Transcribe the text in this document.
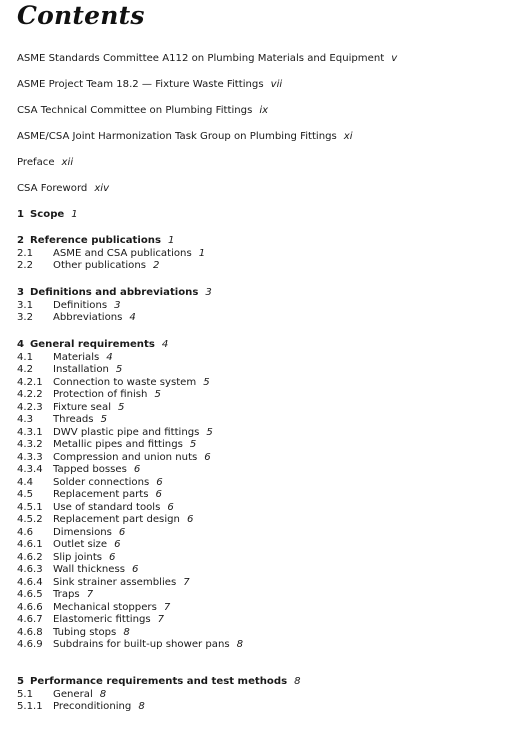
Contents
ASME Standards Committee A112 on Plumbing Materials and Equipment v
ASME Project Team 18.2 — Fixture Waste Fittings vii
CSA Technical Committee on Plumbing Fittings ix
ASME/CSA Joint Harmonization Task Group on Plumbing Fittings xi
Preface xii
CSA Foreword xiv
1 Scope 1
2 Reference publications 1
2.1 ASME and CSA publications 1
2.2 Other publications 2
3 Definitions and abbreviations 3
3.1 Definitions 3
3.2 Abbreviations 4
4 General requirements 4
4.1 Materials 4
4.2 Installation 5
4.2.1 Connection to waste system 5
4.2.2 Protection of finish 5
4.2.3 Fixture seal 5
4.3 Threads 5
4.3.1 DWV plastic pipe and fittings 5
4.3.2 Metallic pipes and fittings 5
4.3.3 Compression and union nuts 6
4.3.4 Tapped bosses 6
4.4 Solder connections 6
4.5 Replacement parts 6
4.5.1 Use of standard tools 6
4.5.2 Replacement part design 6
4.6 Dimensions 6
4.6.1 Outlet size 6
4.6.2 Slip joints 6
4.6.3 Wall thickness 6
4.6.4 Sink strainer assemblies 7
4.6.5 Traps 7
4.6.6 Mechanical stoppers 7
4.6.7 Elastomeric fittings 7
4.6.8 Tubing stops 8
4.6.9 Subdrains for built-up shower pans 8
5 Performance requirements and test methods 8
5.1 General 8
5.1.1 Preconditioning 8
